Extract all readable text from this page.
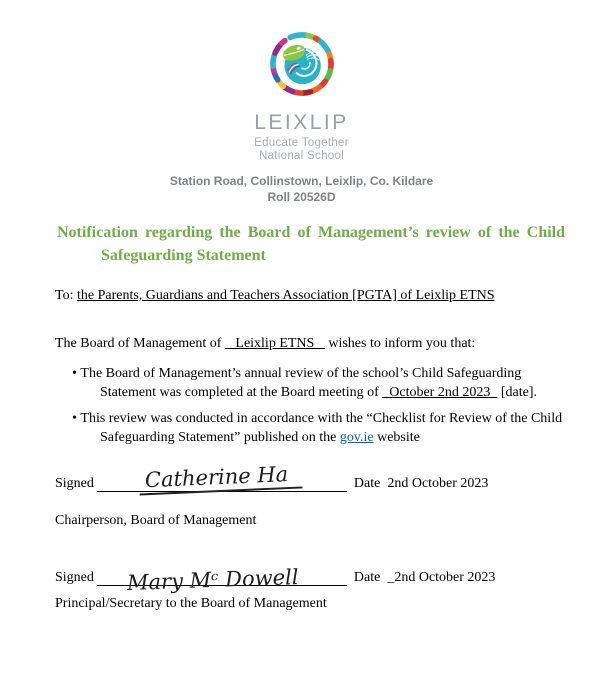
LEIXLIP
Educate Together
National School
Station Road, Collinstown, Leixlip, Co. Kildare
Roll 20526D
Notification regarding the Board of Management’s review of the Child
Safeguarding Statement
To: the Parents, Guardians and Teachers Association [PGTA] of Leixlip ETNS
The Board of Management of    Leixlip ETNS    wishes to inform you that:
• The Board of Management’s annual review of the school’s Child Safeguarding Statement was completed at the Board meeting of _October 2nd 2023_ [date].
• This review was conducted in accordance with the “Checklist for Review of the Child Safeguarding Statement” published on the gov.ie website
Signed Catherine Ha	Date 2nd October 2023
Chairperson, Board of Management
Signed Mary Mᶜ Dowell	Date _2nd October 2023
Principal/Secretary to the Board of Management
